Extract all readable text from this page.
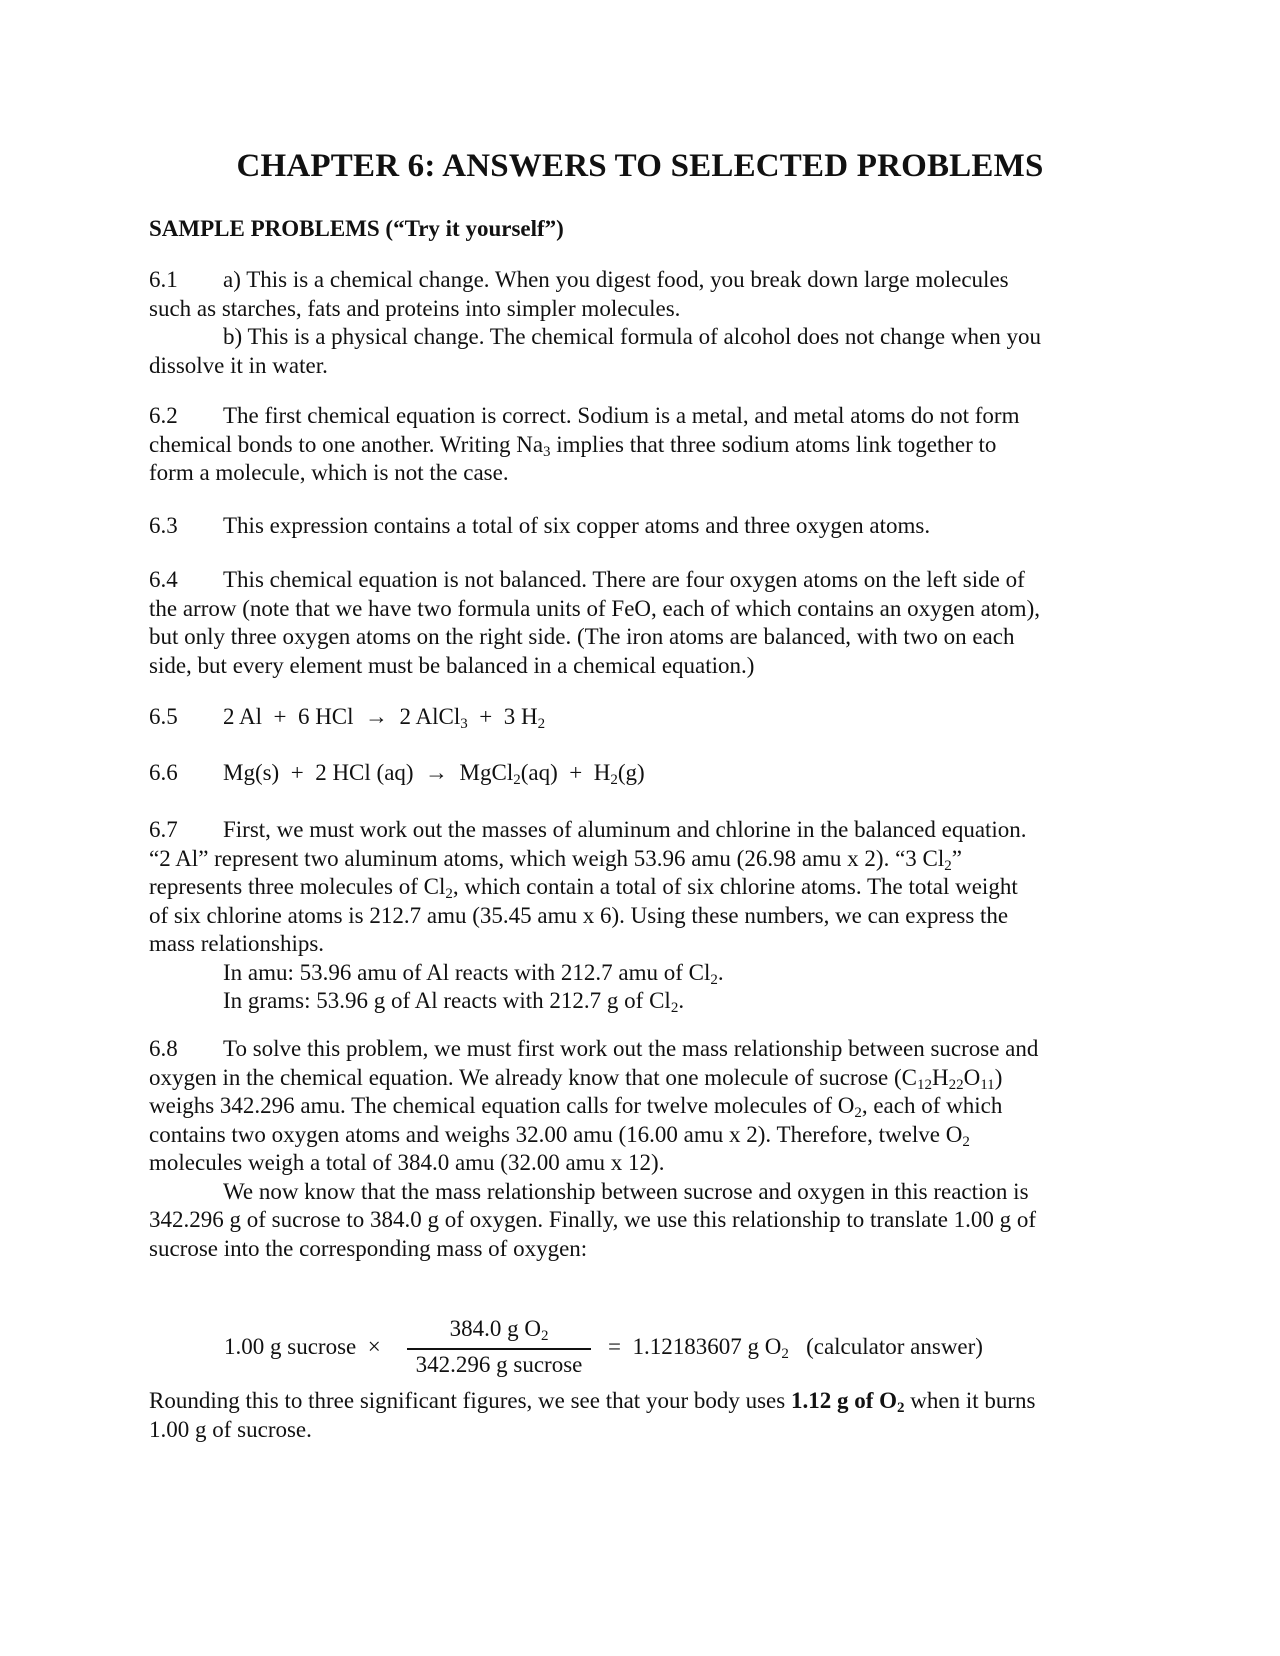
CHAPTER 6: ANSWERS TO SELECTED PROBLEMS
SAMPLE PROBLEMS (“Try it yourself”)
6.1 a) This is a chemical change. When you digest food, you break down large molecules
such as starches, fats and proteins into simpler molecules.
b) This is a physical change. The chemical formula of alcohol does not change when you
dissolve it in water.
6.2 The first chemical equation is correct. Sodium is a metal, and metal atoms do not form
chemical bonds to one another. Writing $Na_3$ implies that three sodium atoms link together to
form a molecule, which is not the case.
6.3 This expression contains a total of six copper atoms and three oxygen atoms.
6.4 This chemical equation is not balanced. There are four oxygen atoms on the left side of
the arrow (note that we have two formula units of FeO, each of which contains an oxygen atom),
but only three oxygen atoms on the right side. (The iron atoms are balanced, with two on each
side, but every element must be balanced in a chemical equation.)
6.5 2 Al  +  6 HCl  →  2 AlCl$_3$  +  3 $H_2$
6.6 Mg(s)  +  2 HCl (aq)  →  MgCl$_2$(aq)  +  $H_2(g)$
6.7 First, we must work out the masses of aluminum and chlorine in the balanced equation.
“2 Al” represent two aluminum atoms, which weigh 53.96 amu (26.98 amu x 2). “3 $Cl_2$”
represents three molecules of $Cl_2$, which contain a total of six chlorine atoms. The total weight
of six chlorine atoms is 212.7 amu (35.45 amu x 6). Using these numbers, we can express the
mass relationships.
In amu: 53.96 amu of Al reacts with 212.7 amu of $Cl_2$.
In grams: 53.96 g of Al reacts with 212.7 g of $Cl_2$.
6.8 To solve this problem, we must first work out the mass relationship between sucrose and
oxygen in the chemical equation. We already know that one molecule of sucrose $(C_{12}H_{22}O_{11})$
weighs 342.296 amu. The chemical equation calls for twelve molecules of $O_2$, each of which
contains two oxygen atoms and weighs 32.00 amu (16.00 amu x 2). Therefore, twelve $O_2$
molecules weigh a total of 384.0 amu (32.00 amu x 12).
We now know that the mass relationship between sucrose and oxygen in this reaction is
342.296 g of sucrose to 384.0 g of oxygen. Finally, we use this relationship to translate 1.00 g of
sucrose into the corresponding mass of oxygen:
1.00 g sucrose  ×
384.0 g $O_2$
342.296 g sucrose
=  1.12183607 g $O_2$   (calculator answer)
Rounding this to three significant figures, we see that your body uses 1.12 g of $O_2$ when it burns
1.00 g of sucrose.
